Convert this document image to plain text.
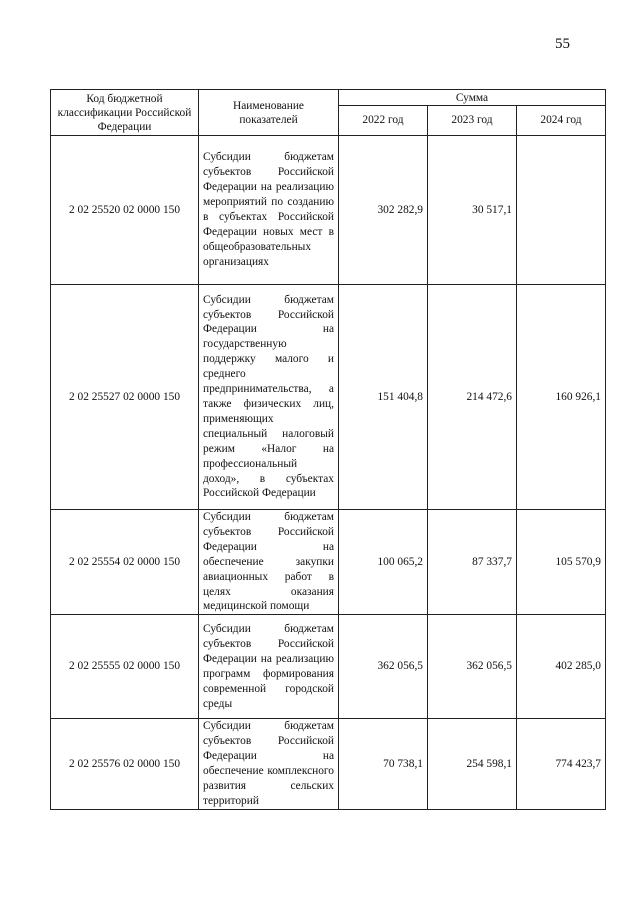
55
Код бюджетной классификации Российской Федерации	Наименование показателей	Сумма		
		2022 год	2023 год	2024 год
2 02 25520 02 0000 150	Субсидии бюджетам субъектов Российской Федерации на реализацию мероприятий по созданию в субъектах Российской Федерации новых мест в общеобразовательных организациях	302 282,9	30 517,1	
2 02 25527 02 0000 150	Субсидии бюджетам субъектов Российской Федерации на государственную поддержку малого и среднего предпринимательства, а также физических лиц, применяющих специальный налоговый режим «Налог на профессиональный доход», в субъектах Российской Федерации	151 404,8	214 472,6	160 926,1
2 02 25554 02 0000 150	Субсидии бюджетам субъектов Российской Федерации на обеспечение закупки авиационных работ в целях оказания медицинской помощи	100 065,2	87 337,7	105 570,9
2 02 25555 02 0000 150	Субсидии бюджетам субъектов Российской Федерации на реализацию программ формирования современной городской среды	362 056,5	362 056,5	402 285,0
2 02 25576 02 0000 150	Субсидии бюджетам субъектов Российской Федерации на обеспечение комплексного развития сельских территорий	70 738,1	254 598,1	774 423,7
